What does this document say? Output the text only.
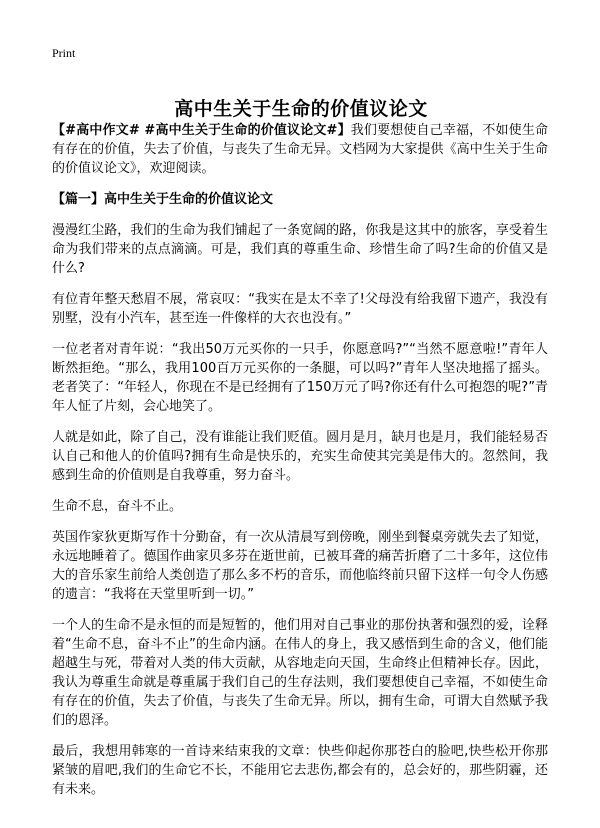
Print
高中生关于生命的价值议论文

【#高中作文# #高中生关于生命的价值议论文#】我们要想使自己幸福，不如使生命有存在的价值，失去了价值，与丧失了生命无异。文档网为大家提供《高中生关于生命的价值议论文》，欢迎阅读。

【篇一】高中生关于生命的价值议论文

漫漫红尘路，我们的生命为我们铺起了一条宽阔的路，你我是这其中的旅客，享受着生命为我们带来的点点滴滴。可是，我们真的尊重生命、珍惜生命了吗?生命的价值又是什么?

有位青年整天愁眉不展，常哀叹：“我实在是太不幸了!父母没有给我留下遗产，我没有别墅，没有小汽车，甚至连一件像样的大衣也没有。”

一位老者对青年说：“我出50万元买你的一只手，你愿意吗?”“当然不愿意啦!”青年人断然拒绝。“那么，我用100百万元买你的一条腿，可以吗?”青年人坚决地摇了摇头。老者笑了：“年轻人，你现在不是已经拥有了150万元了吗?你还有什么可抱怨的呢?”青年人怔了片刻，会心地笑了。

人就是如此，除了自己，没有谁能让我们贬值。圆月是月，缺月也是月，我们能轻易否认自己和他人的价值吗?拥有生命是快乐的，充实生命使其完美是伟大的。忽然间，我感到生命的价值则是自我尊重，努力奋斗。

生命不息，奋斗不止。

英国作家狄更斯写作十分勤奋，有一次从清晨写到傍晚，刚坐到餐桌旁就失去了知觉，永远地睡着了。德国作曲家贝多芬在逝世前，已被耳聋的痛苦折磨了二十多年，这位伟大的音乐家生前给人类创造了那么多不朽的音乐，而他临终前只留下这样一句令人伤感的遗言：“我将在天堂里听到一切。”

一个人的生命不是永恒的而是短暂的，他们用对自己事业的那份执著和强烈的爱，诠释着“生命不息，奋斗不止”的生命内涵。在伟人的身上，我又感悟到生命的含义，他们能超越生与死，带着对人类的伟大贡献，从容地走向天国，生命终止但精神长存。因此，我认为尊重生命就是尊重属于我们自己的生存法则，我们要想使自己幸福，不如使生命有存在的价值，失去了价值，与丧失了生命无异。所以，拥有生命，可谓大自然赋予我们的恩泽。

最后，我想用韩寒的一首诗来结束我的文章：快些仰起你那苍白的脸吧,快些松开你那紧皱的眉吧,我们的生命它不长，不能用它去悲伤,都会有的，总会好的，那些阴霾，还有未来。
